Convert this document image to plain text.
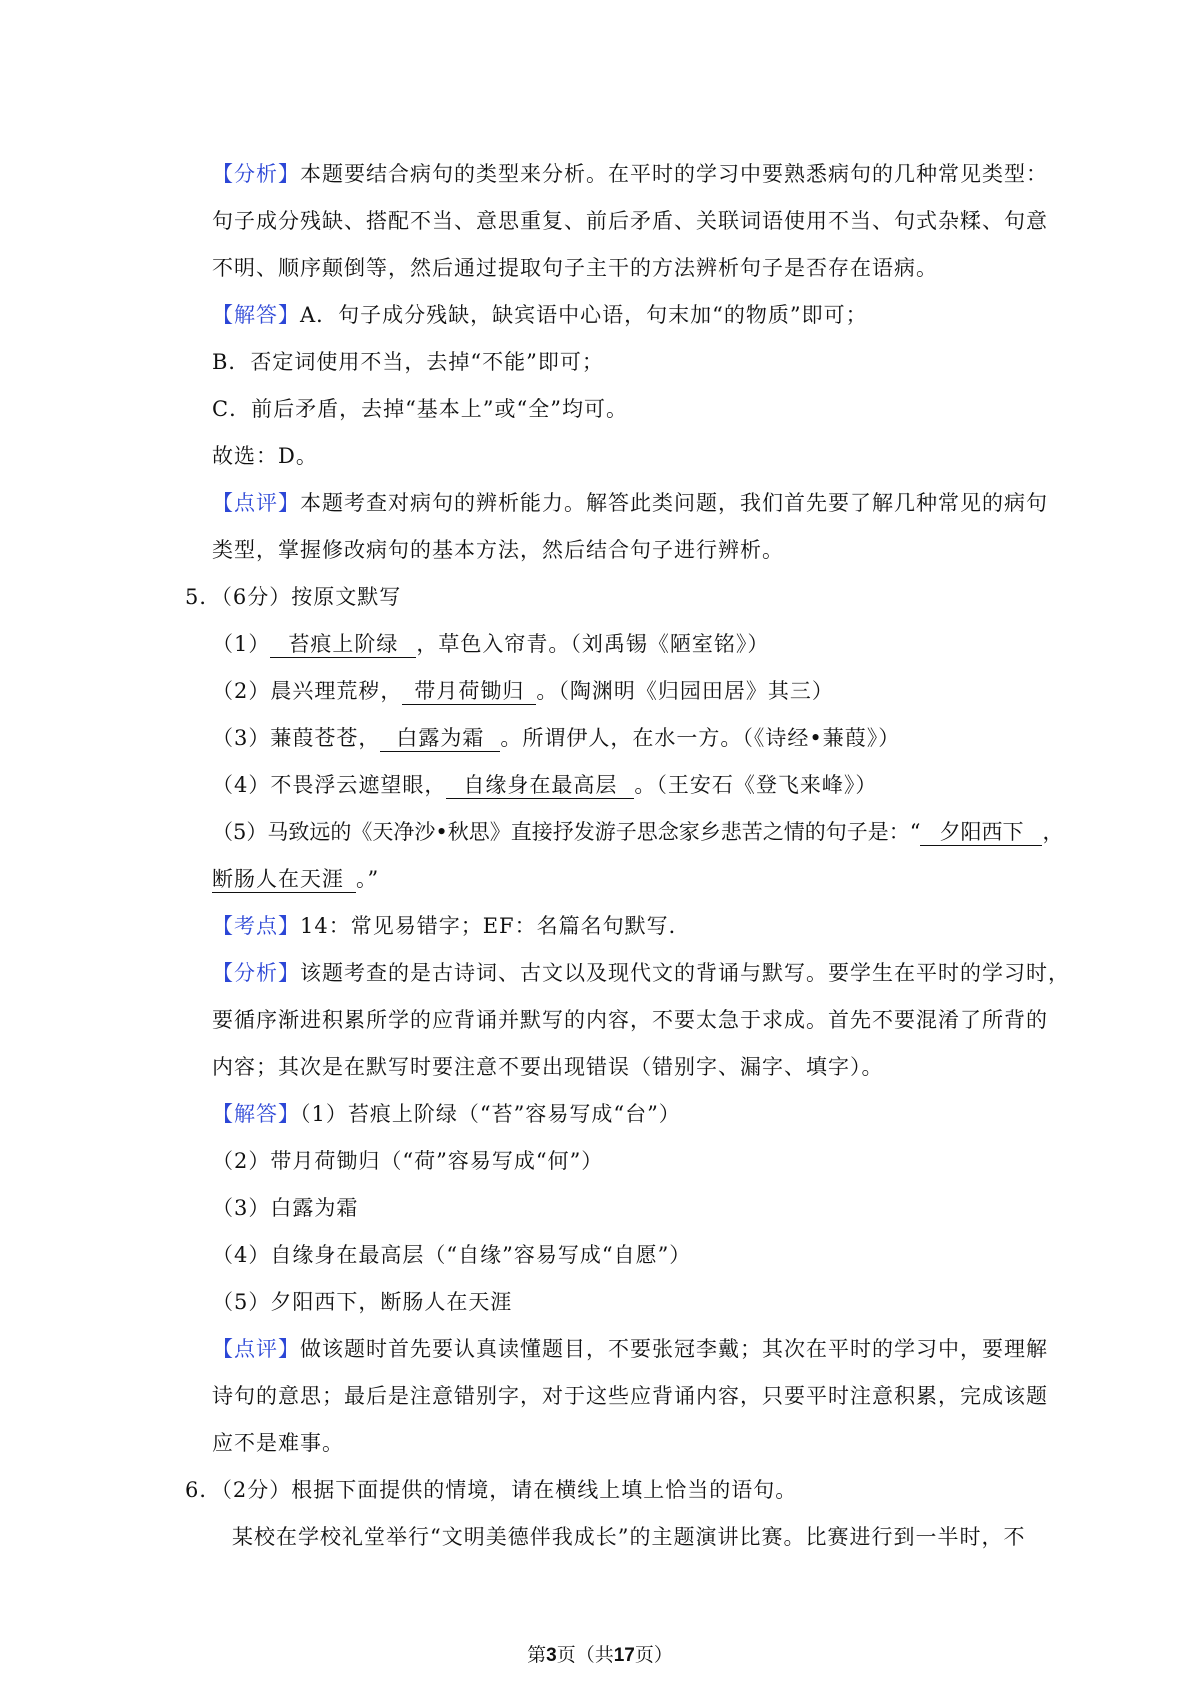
【分析】本题要结合病句的类型来分析。在平时的学习中要熟悉病句的几种常见类型：
句子成分残缺、搭配不当、意思重复、前后矛盾、关联词语使用不当、句式杂糅、句意
不明、顺序颠倒等，然后通过提取句子主干的方法辨析句子是否存在语病。
【解答】A．句子成分残缺，缺宾语中心语，句末加“的物质”即可；
B．否定词使用不当，去掉“不能”即可；
C．前后矛盾，去掉“基本上”或“全”均可。
故选：D。
【点评】本题考查对病句的辨析能力。解答此类问题，我们首先要了解几种常见的病句
类型，掌握修改病句的基本方法，然后结合句子进行辨析。
5．（6分）按原文默写
（1） 苔痕上阶绿 ，草色入帘青。（刘禹锡《陋室铭》）
（2）晨兴理荒秽， 带月荷锄归 。（陶渊明《归园田居》其三）
（3）蒹葭苍苍， 白露为霜 。所谓伊人，在水一方。（《诗经•蒹葭》）
（4）不畏浮云遮望眼， 自缘身在最高层 。（王安石《登飞来峰》）
（5）马致远的《天净沙•秋思》直接抒发游子思念家乡悲苦之情的句子是：“ 夕阳西下 ，
断肠人在天涯 。”
【考点】14：常见易错字；EF：名篇名句默写．
【分析】该题考查的是古诗词、古文以及现代文的背诵与默写。要学生在平时的学习时，
要循序渐进积累所学的应背诵并默写的内容，不要太急于求成。首先不要混淆了所背的
内容；其次是在默写时要注意不要出现错误（错别字、漏字、填字）。
【解答】（1）苔痕上阶绿（“苔”容易写成“台”）
（2）带月荷锄归（“荷”容易写成“何”）
（3）白露为霜
（4）自缘身在最高层（“自缘”容易写成“自愿”）
（5）夕阳西下，断肠人在天涯
【点评】做该题时首先要认真读懂题目，不要张冠李戴；其次在平时的学习中，要理解
诗句的意思；最后是注意错别字，对于这些应背诵内容，只要平时注意积累，完成该题
应不是难事。
6．（2分）根据下面提供的情境，请在横线上填上恰当的语句。
某校在学校礼堂举行“文明美德伴我成长”的主题演讲比赛。比赛进行到一半时，不
第3页（共17页）
